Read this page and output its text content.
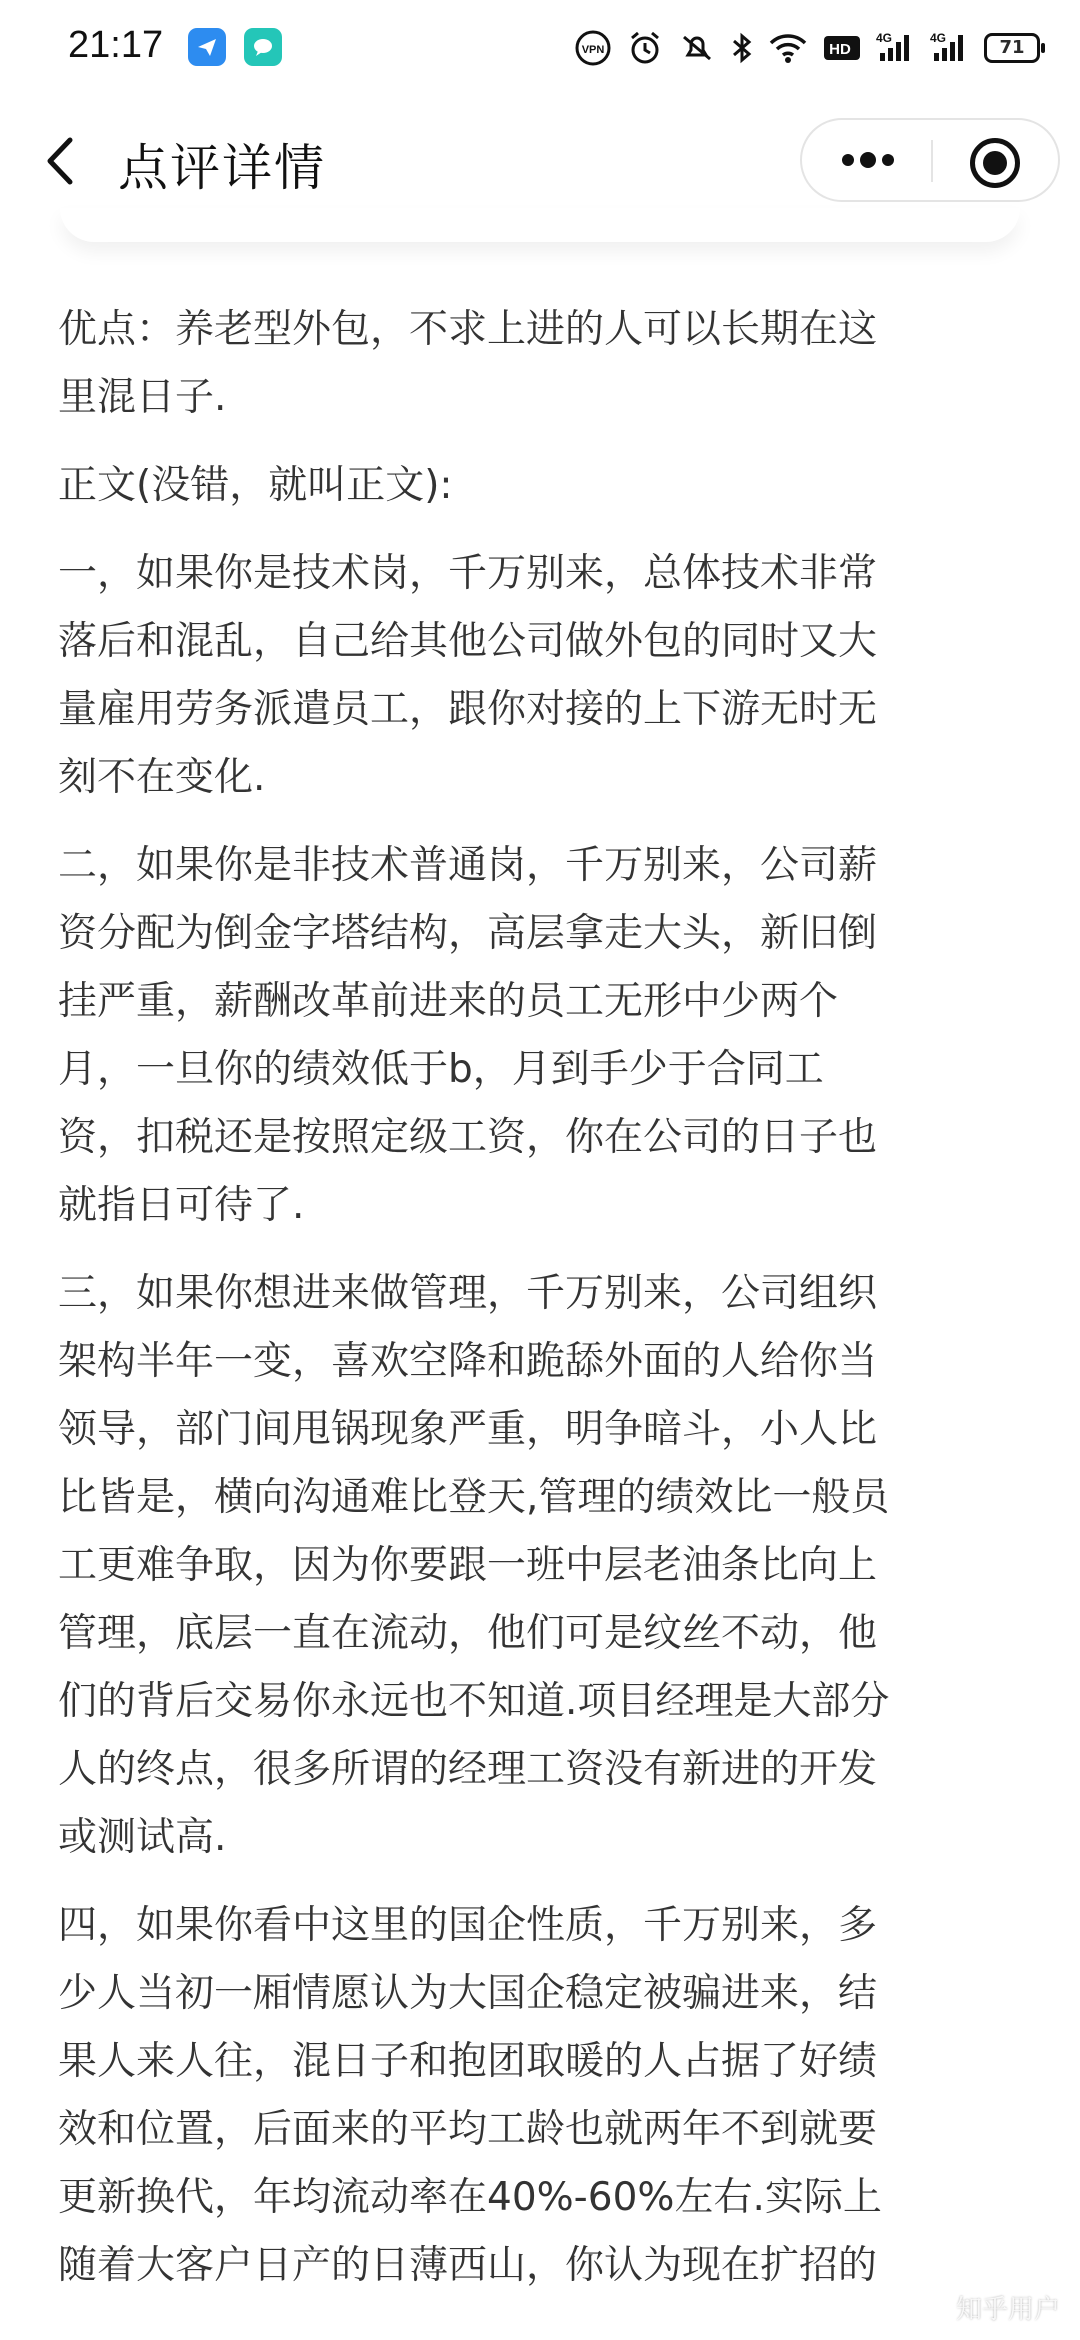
21:17	VPN	HD
4G	4G	71
点评详情

优点：养老型外包，不求上进的人可以长期在这
里混日子.

正文(没错，就叫正文):

一，如果你是技术岗，千万别来，总体技术非常
落后和混乱，自己给其他公司做外包的同时又大
量雇用劳务派遣员工，跟你对接的上下游无时无
刻不在变化.

二，如果你是非技术普通岗，千万别来，公司薪
资分配为倒金字塔结构，高层拿走大头，新旧倒
挂严重，薪酬改革前进来的员工无形中少两个
月，一旦你的绩效低于b，月到手少于合同工
资，扣税还是按照定级工资，你在公司的日子也
就指日可待了.

三，如果你想进来做管理，千万别来，公司组织
架构半年一变，喜欢空降和跪舔外面的人给你当
领导，部门间甩锅现象严重，明争暗斗，小人比
比皆是，横向沟通难比登天,管理的绩效比一般员
工更难争取，因为你要跟一班中层老油条比向上
管理，底层一直在流动，他们可是纹丝不动，他
们的背后交易你永远也不知道.项目经理是大部分
人的终点，很多所谓的经理工资没有新进的开发
或测试高.

四，如果你看中这里的国企性质，千万别来，多
少人当初一厢情愿认为大国企稳定被骗进来，结
果人来人往，混日子和抱团取暖的人占据了好绩
效和位置，后面来的平均工龄也就两年不到就要
更新换代，年均流动率在40%-60%左右.实际上
随着大客户日产的日薄西山，你认为现在扩招的

知乎用户
